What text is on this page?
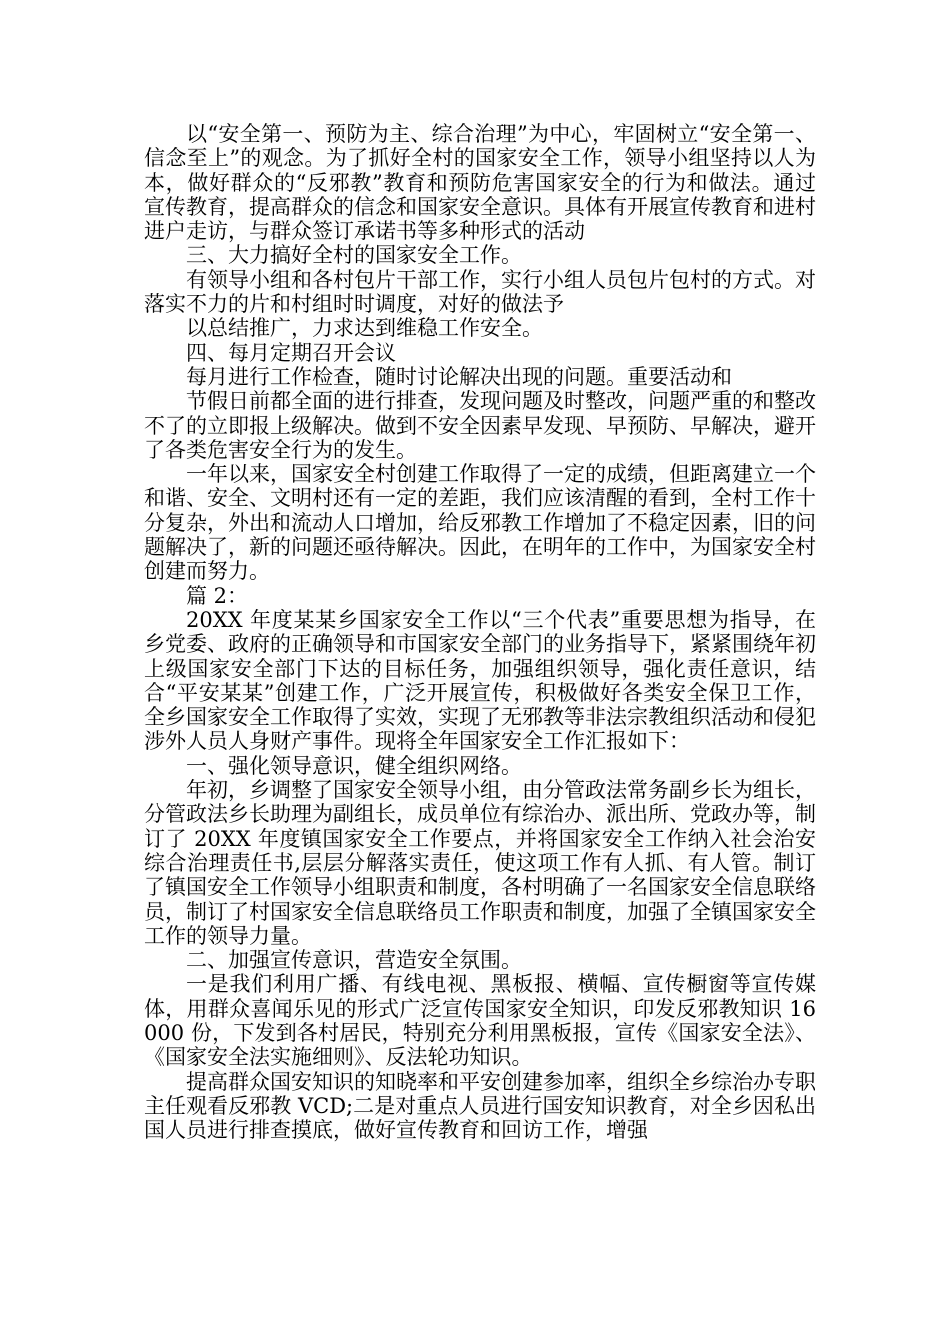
以“安全第一、预防为主、综合治理”为中心，牢固树立“安全第一、信念至上”的观念。为了抓好全村的国家安全工作，领导小组坚持以人为本，做好群众的“反邪教”教育和预防危害国家安全的行为和做法。通过宣传教育，提高群众的信念和国家安全意识。具体有开展宣传教育和进村进户走访，与群众签订承诺书等多种形式的活动

三、大力搞好全村的国家安全工作。

有领导小组和各村包片干部工作，实行小组人员包片包村的方式。对落实不力的片和村组时时调度，对好的做法予

以总结推广，力求达到维稳工作安全。

四、每月定期召开会议

每月进行工作检查，随时讨论解决出现的问题。重要活动和

节假日前都全面的进行排查，发现问题及时整改，问题严重的和整改不了的立即报上级解决。做到不安全因素早发现、早预防、早解决，避开了各类危害安全行为的发生。

一年以来，国家安全村创建工作取得了一定的成绩，但距离建立一个和谐、安全、文明村还有一定的差距，我们应该清醒的看到，全村工作十分复杂，外出和流动人口增加，给反邪教工作增加了不稳定因素，旧的问题解决了，新的问题还亟待解决。因此，在明年的工作中，为国家安全村创建而努力。

篇 2：

20XX 年度某某乡国家安全工作以“三个代表”重要思想为指导，在乡党委、政府的正确领导和市国家安全部门的业务指导下，紧紧围绕年初上级国家安全部门下达的目标任务，加强组织领导，强化责任意识，结合“平安某某”创建工作，广泛开展宣传，积极做好各类安全保卫工作，全乡国家安全工作取得了实效，实现了无邪教等非法宗教组织活动和侵犯涉外人员人身财产事件。现将全年国家安全工作汇报如下：

一、强化领导意识，健全组织网络。

年初，乡调整了国家安全领导小组，由分管政法常务副乡长为组长，分管政法乡长助理为副组长，成员单位有综治办、派出所、党政办等，制订了 20XX 年度镇国家安全工作要点，并将国家安全工作纳入社会治安综合治理责任书,层层分解落实责任，使这项工作有人抓、有人管。制订了镇国安全工作领导小组职责和制度，各村明确了一名国家安全信息联络员，制订了村国家安全信息联络员工作职责和制度，加强了全镇国家安全工作的领导力量。

二、加强宣传意识，营造安全氛围。

一是我们利用广播、有线电视、黑板报、横幅、宣传橱窗等宣传媒体，用群众喜闻乐见的形式广泛宣传国家安全知识，印发反邪教知识 16000 份，下发到各村居民，特别充分利用黑板报，宣传《国家安全法》、《国家安全法实施细则》、反法轮功知识。

提高群众国安知识的知晓率和平安创建参加率，组织全乡综治办专职主任观看反邪教 VCD;二是对重点人员进行国安知识教育，对全乡因私出国人员进行排查摸底，做好宣传教育和回访工作，增强
